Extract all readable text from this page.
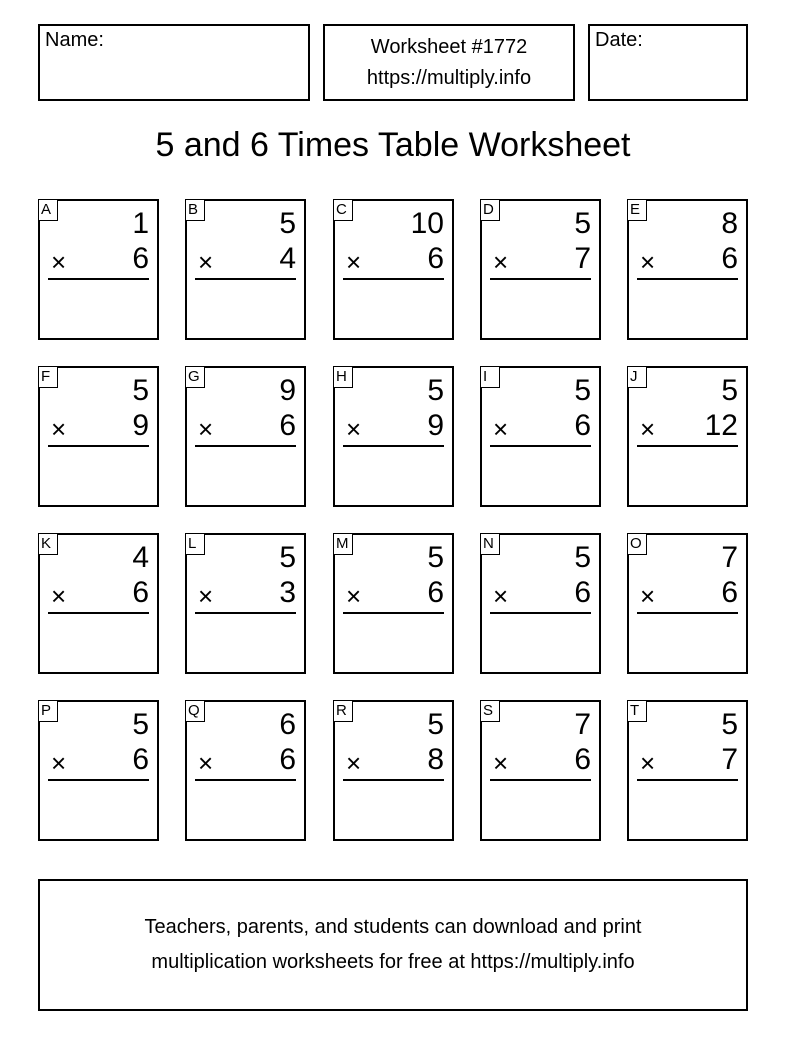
Name:	Worksheet #1772
https://multiply.info
Date:
5 and 6 Times Table Worksheet
A	1
× 6
B	5
× 4
C 10
× 6
D	5
× 7
E	8
× 6
F	5
× 9
G	9
× 6
H	5
× 9
I	5
× 6
J	5
× 12
K	4
× 6
L	5
× 3
M	5
× 6
N	5
× 6
O	7
× 6
P	5
× 6
Q	6
× 6
R	5
× 8
S	7
× 6
T	5
× 7
Teachers, parents, and students can download and print
multiplication worksheets for free at https://multiply.info
